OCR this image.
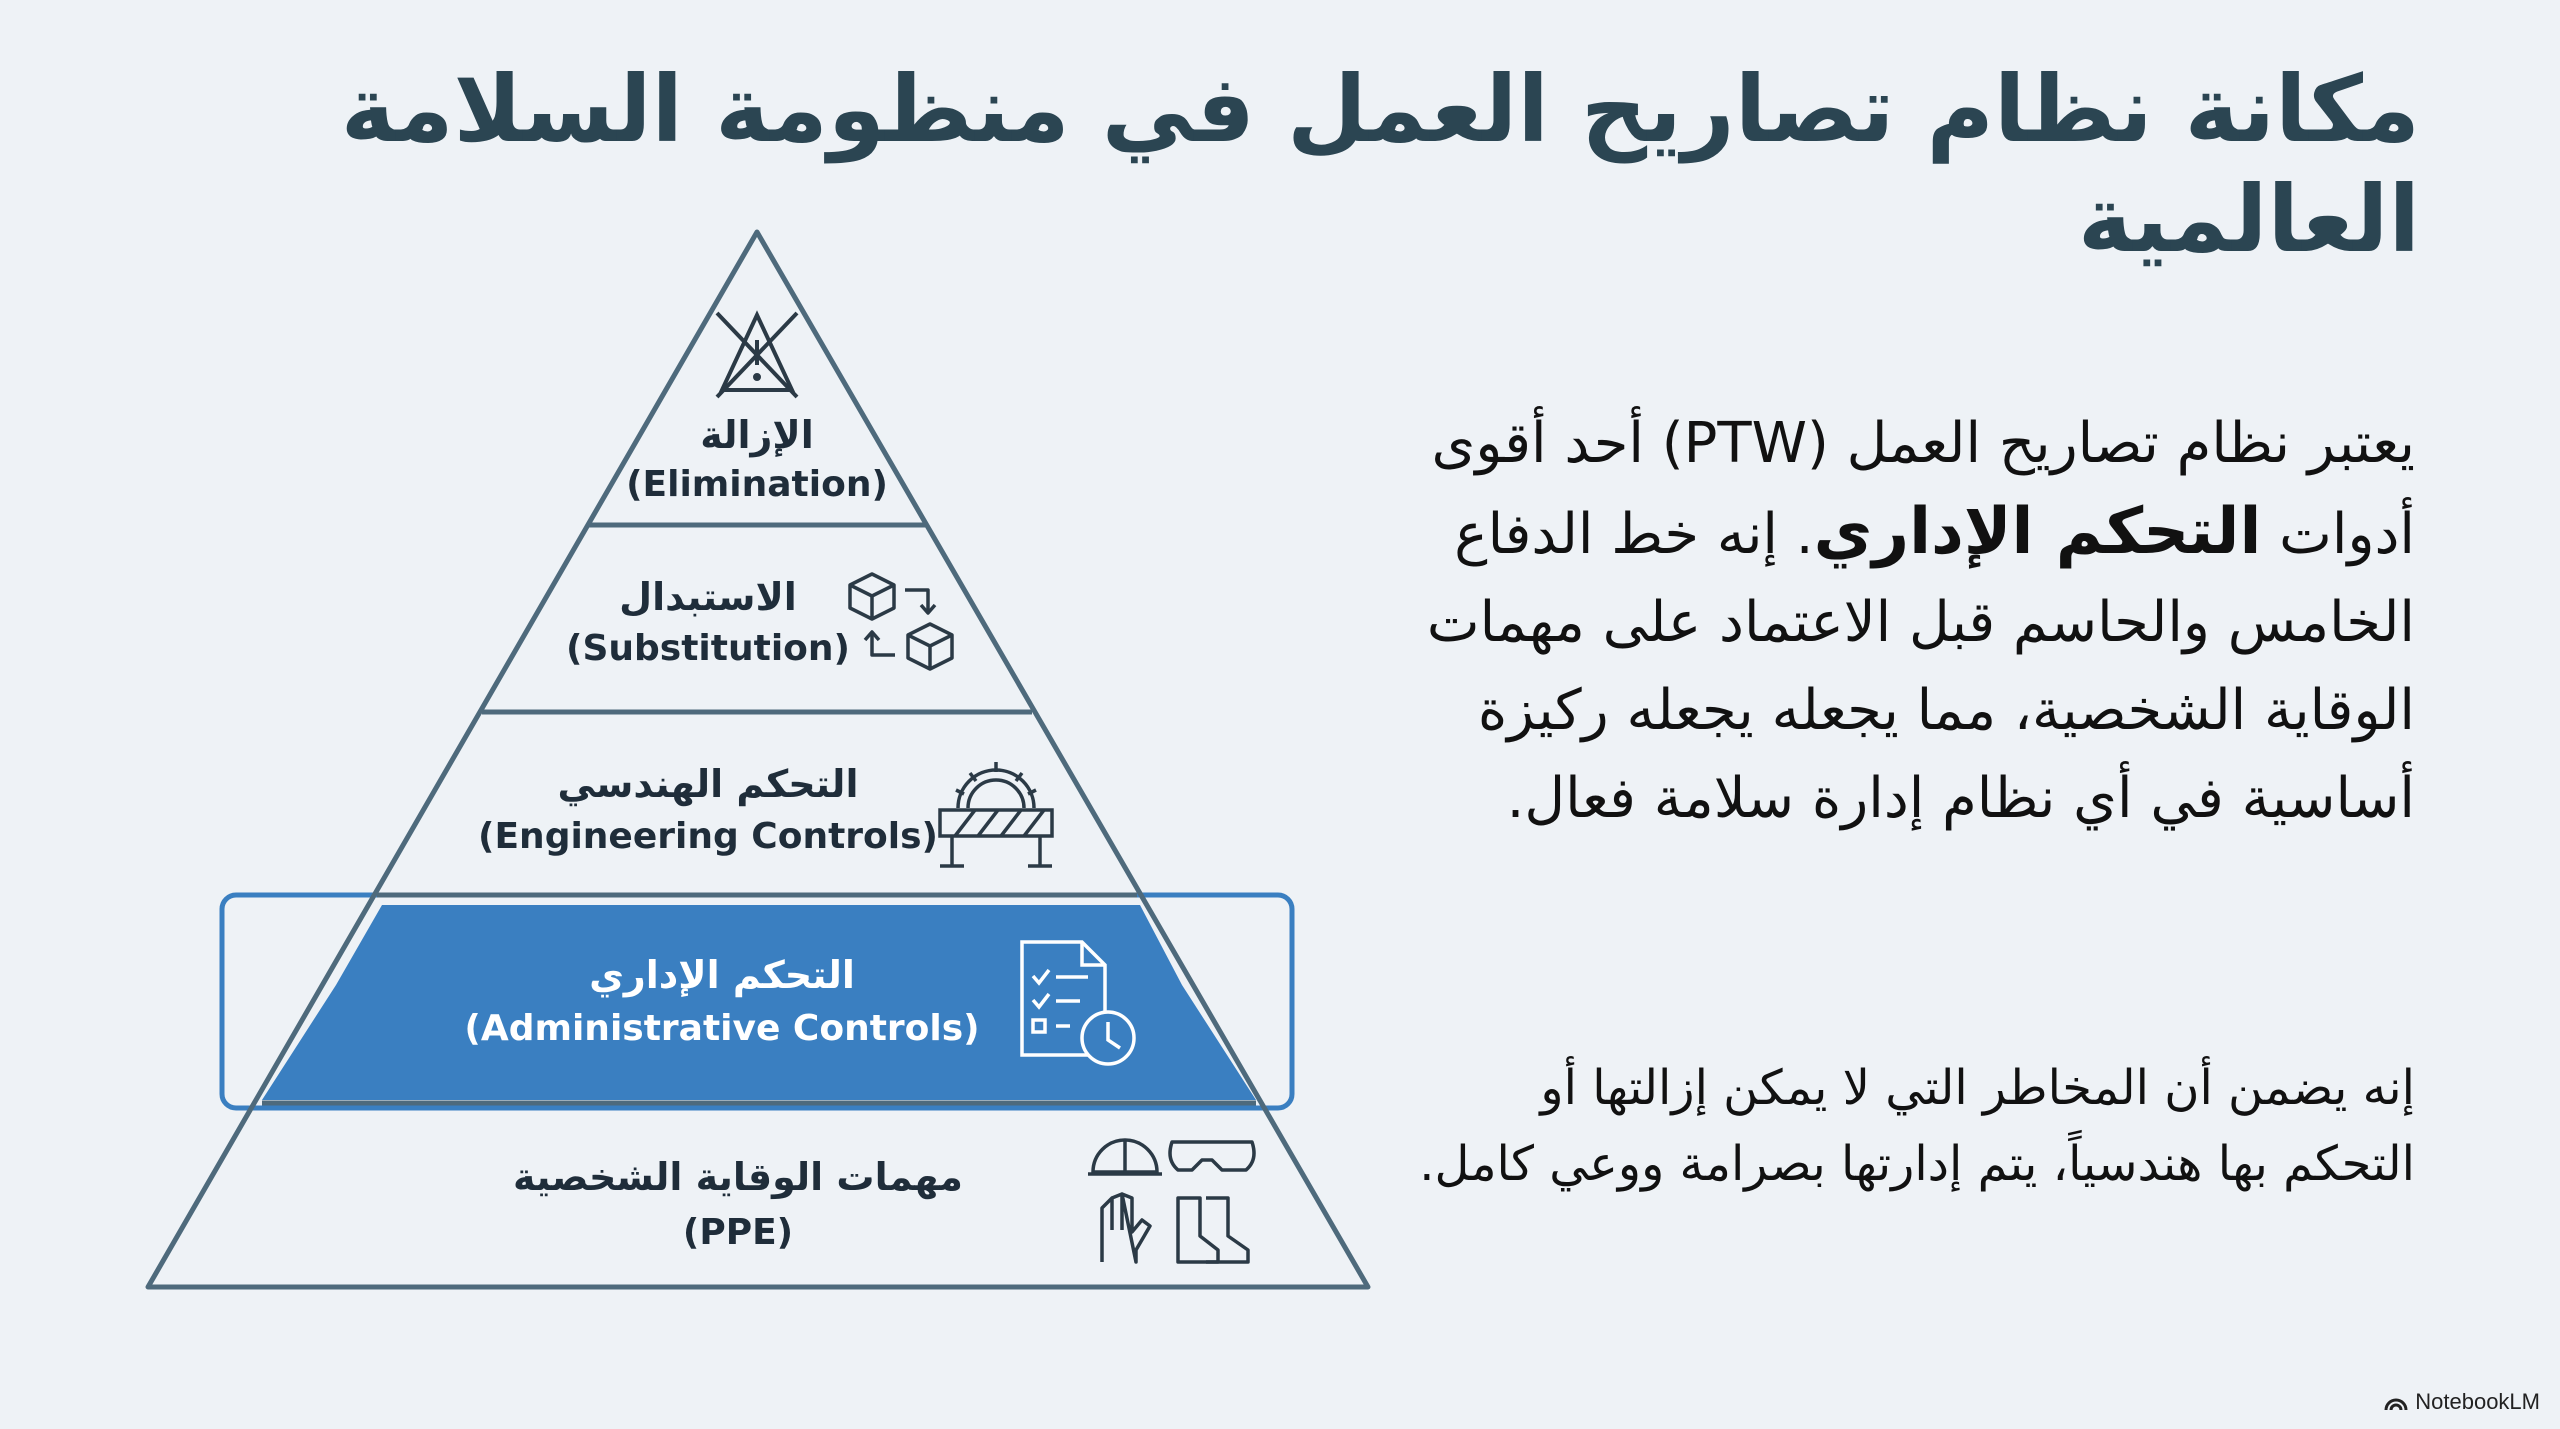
مكانة نظام تصاريح العمل في منظومة السلامة العالمية
الإزالة
(Elimination)
الاستبدال
(Substitution)
التحكم الهندسي
(Engineering Controls)
التحكم الإداري
(Administrative Controls)
مهمات الوقاية الشخصية
(PPE)
يعتبر نظام تصاريح العمل (PTW) أحد أقوى أدوات التحكم الإداري. إنه خط الدفاع الخامس والحاسم قبل الاعتماد على مهمات الوقاية الشخصية، مما يجعله يجعله ركيزة أساسية في أي نظام إدارة سلامة فعال.
إنه يضمن أن المخاطر التي لا يمكن إزالتها أو التحكم بها هندسياً، يتم إدارتها بصرامة ووعي كامل.
NotebookLM
